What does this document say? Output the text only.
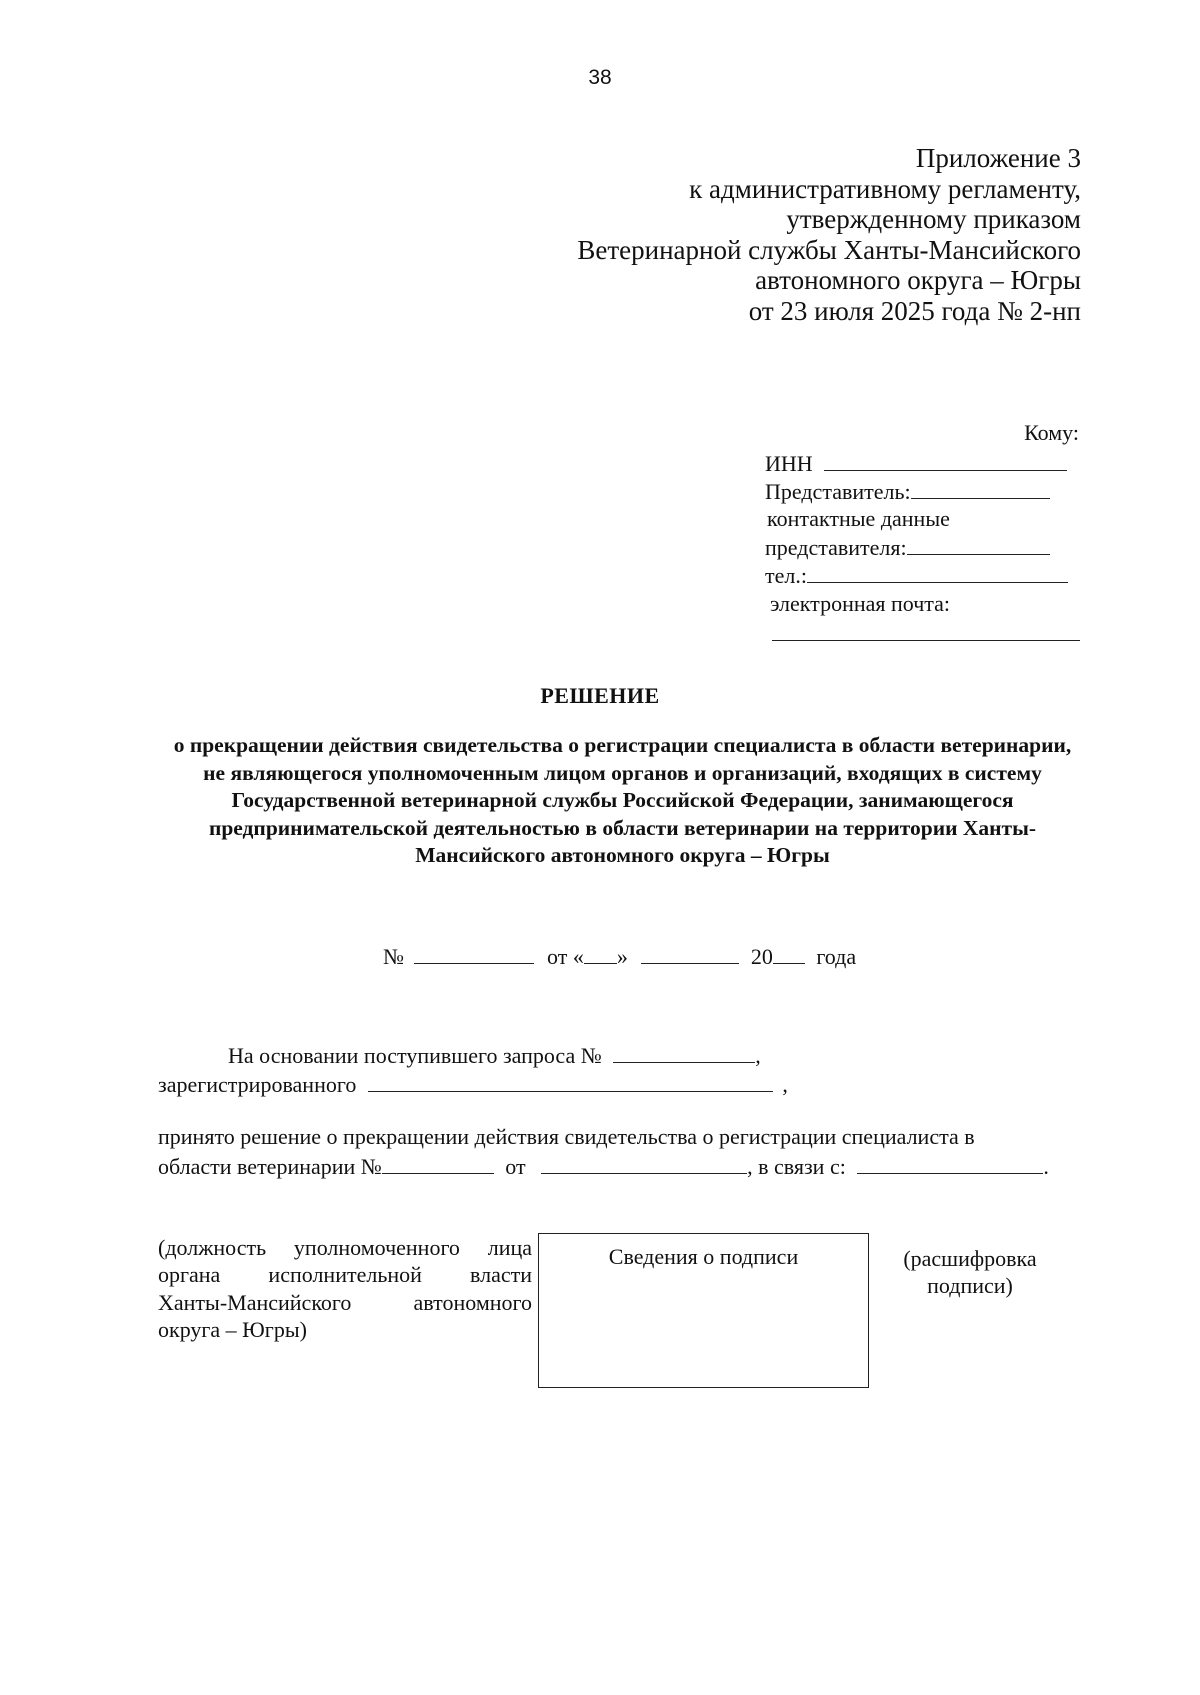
38
Приложение 3
к административному регламенту,
утвержденному приказом
Ветеринарной службы Ханты-Мансийского
автономного округа – Югры
от 23 июля 2025 года № 2-нп
Кому:
ИНН
Представитель:
контактные данные
представителя:
тел.:
электронная почта:
РЕШЕНИЕ
о прекращении действия свидетельства о регистрации специалиста в области ветеринарии, не являющегося уполномоченным лицом органов и организаций, входящих в систему Государственной ветеринарной службы Российской Федерации, занимающегося предпринимательской деятельностью в области ветеринарии на территории Ханты-Мансийского автономного округа – Югры
№	от « »	20 года
На основании поступившего запроса №	,
зарегистрированного	,
принято решение о прекращении действия свидетельства о регистрации специалиста в
области ветеринарии №	от	, в связи с:	.
(должность уполномоченного лица
органа исполнительной власти
Ханты-Мансийского автономного
округа – Югры)
Сведения о подписи	(расшифровка
подписи)
